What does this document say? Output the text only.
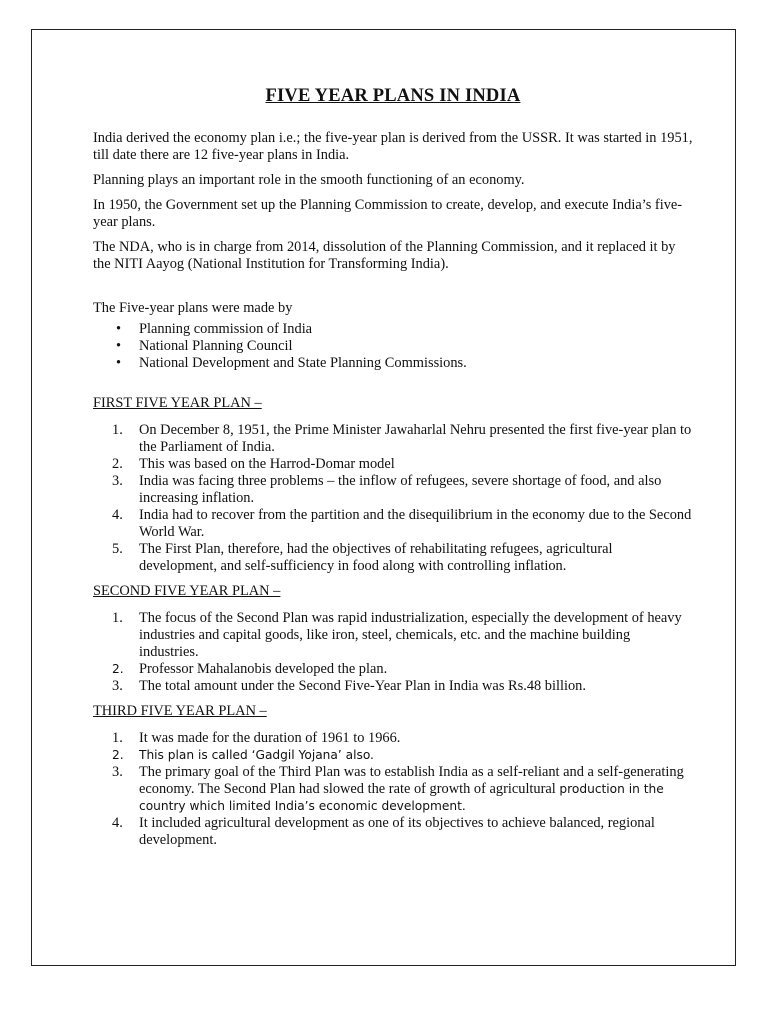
FIVE YEAR PLANS IN INDIA

India derived the economy plan i.e.; the five-year plan is derived from the USSR. It was started in 1951, till date there are 12 five-year plans in India.

Planning plays an important role in the smooth functioning of an economy.

In 1950, the Government set up the Planning Commission to create, develop, and execute India’s five-year plans.

The NDA, who is in charge from 2014, dissolution of the Planning Commission, and it replaced it by the NITI Aayog (National Institution for Transforming India).

The Five-year plans were made by

• Planning commission of India
• National Planning Council
• National Development and State Planning Commissions.
FIRST FIVE YEAR PLAN –
1. On December 8, 1951, the Prime Minister Jawaharlal Nehru presented the first five-year plan to the Parliament of India.
2. This was based on the Harrod-Domar model
3. India was facing three problems – the inflow of refugees, severe shortage of food, and also increasing inflation.
4. India had to recover from the partition and the disequilibrium in the economy due to the Second World War.
5. The First Plan, therefore, had the objectives of rehabilitating refugees, agricultural development, and self-sufficiency in food along with controlling inflation.
SECOND FIVE YEAR PLAN –
1. The focus of the Second Plan was rapid industrialization, especially the development of heavy industries and capital goods, like iron, steel, chemicals, etc. and the machine building industries.
2. Professor Mahalanobis developed the plan.
3. The total amount under the Second Five-Year Plan in India was Rs.48 billion.
THIRD FIVE YEAR PLAN –
1. It was made for the duration of 1961 to 1966.
2. This plan is called ‘Gadgil Yojana’ also.
3. The primary goal of the Third Plan was to establish India as a self-reliant and a self-generating economy. The Second Plan had slowed the rate of growth of agricultural production in the country which limited India’s economic development.
4. It included agricultural development as one of its objectives to achieve balanced, regional development.
